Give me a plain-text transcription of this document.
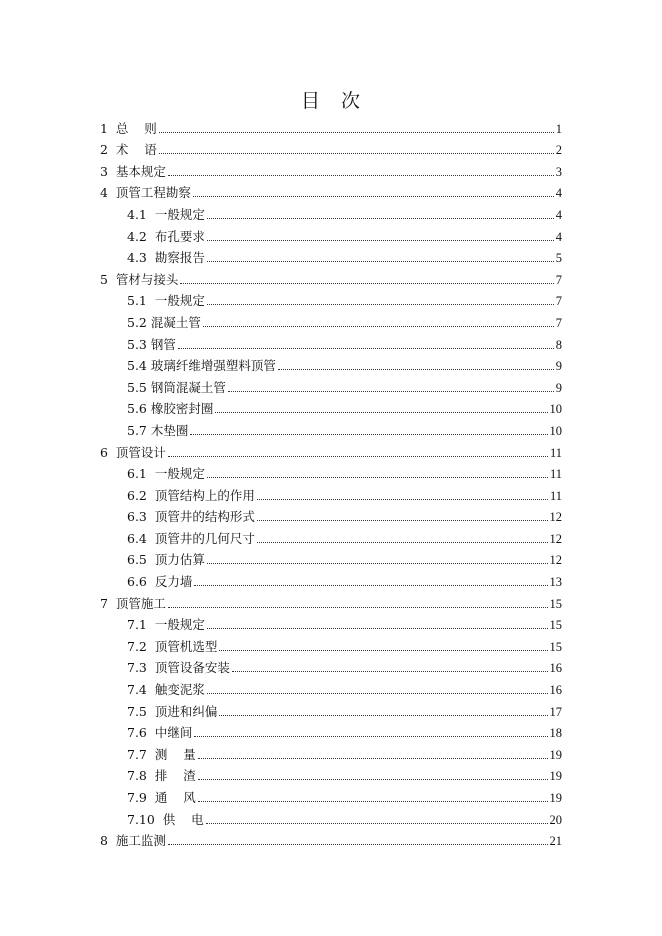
目　次
1  总    则	1
2  术    语	2
3  基本规定	3
4  顶管工程勘察	4
4.1  一般规定	4
4.2  布孔要求	4
4.3  勘察报告	5
5  管材与接头	7
5.1  一般规定	7
5.2 混凝土管	7
5.3 钢管	8
5.4 玻璃纤维增强塑料顶管	9
5.5 钢筒混凝土管	9
5.6 橡胶密封圈	10
5.7 木垫圈	10
6  顶管设计	11
6.1  一般规定	11
6.2  顶管结构上的作用	11
6.3  顶管井的结构形式	12
6.4  顶管井的几何尺寸	12
6.5  顶力估算	12
6.6  反力墙	13
7  顶管施工	15
7.1  一般规定	15
7.2  顶管机选型	15
7.3  顶管设备安装	16
7.4  触变泥浆	16
7.5  顶进和纠偏	17
7.6  中继间	18
7.7  测    量	19
7.8  排    渣	19
7.9  通    风	19
7.10  供    电	20
8  施工监测	21
